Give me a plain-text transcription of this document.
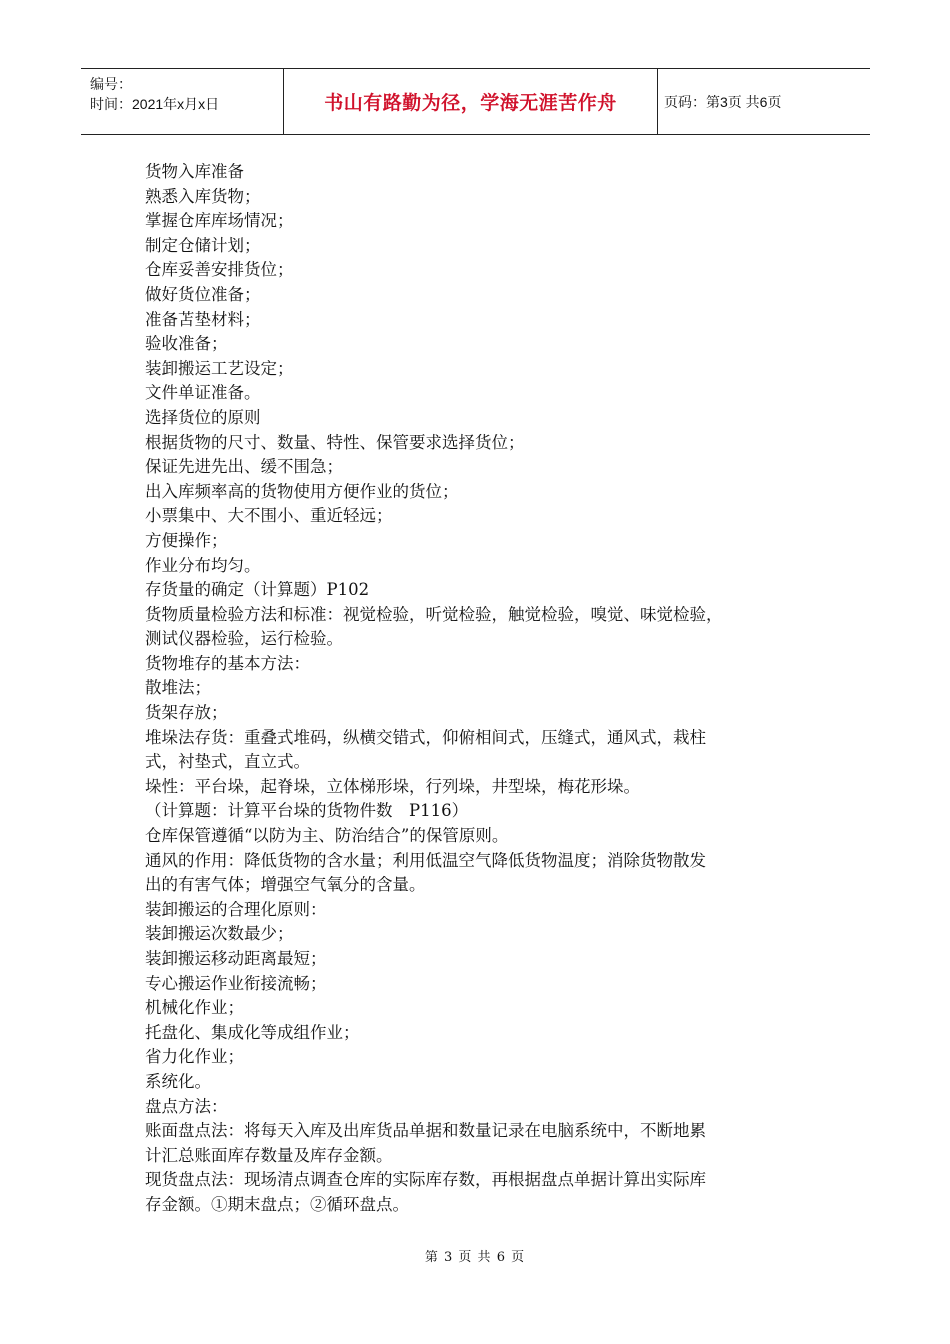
编号：
时间：2021年x月x日	书山有路勤为径，学海无涯苦作舟	页码：第3页 共6页

货物入库准备

熟悉入库货物；

掌握仓库库场情况；

制定仓储计划；

仓库妥善安排货位；

做好货位准备；

准备苫垫材料；

验收准备；

装卸搬运工艺设定；

文件单证准备。

选择货位的原则

根据货物的尺寸、数量、特性、保管要求选择货位；

保证先进先出、缓不围急；

出入库频率高的货物使用方便作业的货位；

小票集中、大不围小、重近轻远；

方便操作；

作业分布均匀。

存货量的确定（计算题）P102

货物质量检验方法和标准：视觉检验，听觉检验，触觉检验，嗅觉、味觉检验，

测试仪器检验，运行检验。

货物堆存的基本方法：

散堆法；

货架存放；

堆垛法存货：重叠式堆码，纵横交错式，仰俯相间式，压缝式，通风式，栽柱

式，衬垫式，直立式。

垛性：平台垛，起脊垛，立体梯形垛，行列垛，井型垛，梅花形垛。

（计算题：计算平台垛的货物件数　P116）

仓库保管遵循“以防为主、防治结合”的保管原则。

通风的作用：降低货物的含水量；利用低温空气降低货物温度；消除货物散发

出的有害气体；增强空气氧分的含量。

装卸搬运的合理化原则：

装卸搬运次数最少；

装卸搬运移动距离最短；

专心搬运作业衔接流畅；

机械化作业；

托盘化、集成化等成组作业；

省力化作业；

系统化。

盘点方法：

账面盘点法：将每天入库及出库货品单据和数量记录在电脑系统中，不断地累

计汇总账面库存数量及库存金额。

现货盘点法：现场清点调查仓库的实际库存数，再根据盘点单据计算出实际库

存金额。①期末盘点；②循环盘点。

第 3 页 共 6 页
